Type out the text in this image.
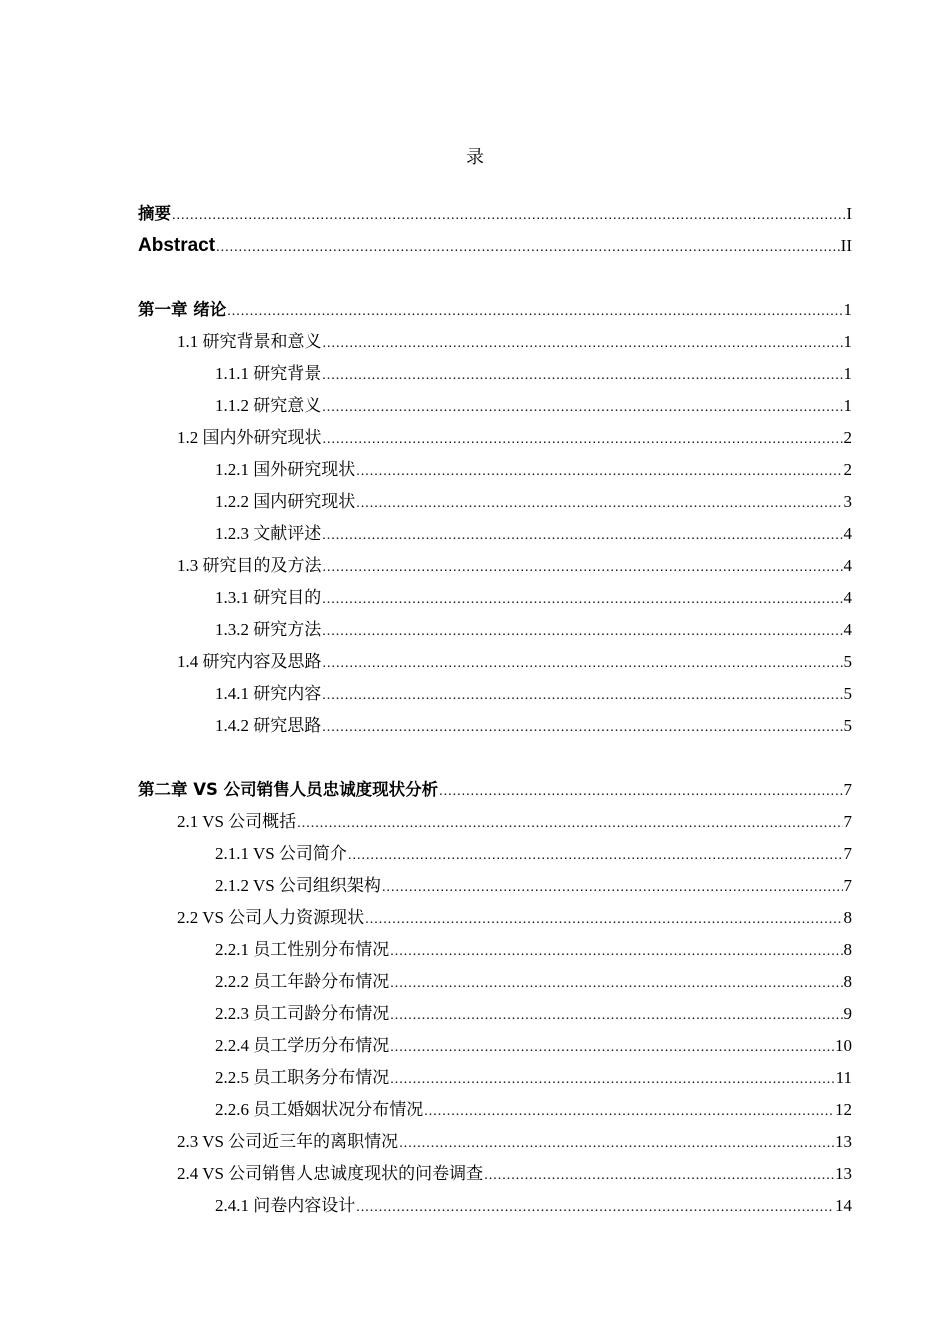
录
摘要 .....	I
Abstract .....	II
第一章 绪论 .....	1
1.1 研究背景和意义 .....	1
1.1.1 研究背景 .....	1
1.1.2 研究意义 .....	1
1.2 国内外研究现状 .....	2
1.2.1 国外研究现状 .....	2
1.2.2 国内研究现状 .....	3
1.2.3 文献评述 .....	4
1.3 研究目的及方法 .....	4
1.3.1 研究目的 .....	4
1.3.2 研究方法 .....	4
1.4 研究内容及思路 .....	5
1.4.1 研究内容 .....	5
1.4.2 研究思路 .....	5
第二章 VS 公司销售人员忠诚度现状分析 .....	7
2.1 VS 公司概括 .....	7
2.1.1 VS 公司简介 .....	7
2.1.2 VS 公司组织架构 .....	7
2.2 VS 公司人力资源现状 .....	8
2.2.1 员工性别分布情况 .....	8
2.2.2 员工年龄分布情况 .....	8
2.2.3 员工司龄分布情况 .....	9
2.2.4 员工学历分布情况 .....	10
2.2.5 员工职务分布情况 .....	11
2.2.6 员工婚姻状况分布情况 .....	12
2.3 VS 公司近三年的离职情况 .....	13
2.4 VS 公司销售人忠诚度现状的问卷调查 .....	13
2.4.1 问卷内容设计 .....	14
